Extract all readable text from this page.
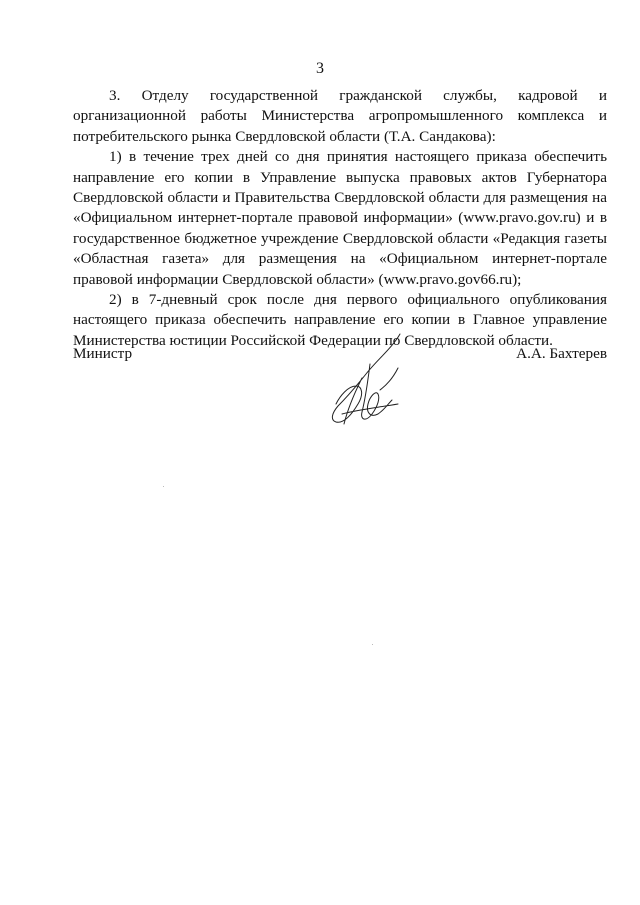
3

3. Отделу государственной гражданской службы, кадровой и организационной работы Министерства агропромышленного комплекса и потребительского рынка Свердловской области (Т.А. Сандакова):

1) в течение трех дней со дня принятия настоящего приказа обеспечить направление его копии в Управление выпуска правовых актов Губернатора Свердловской области и Правительства Свердловской области для размещения на «Официальном интернет-портале правовой информации» (www.pravo.gov.ru) и в государственное бюджетное учреждение Свердловской области «Редакция газеты «Областная газета» для размещения на «Официальном интернет-портале правовой информации Свердловской области» (www.pravo.gov66.ru);

2) в 7-дневный срок после дня первого официального опубликования настоящего приказа обеспечить направление его копии в Главное управление Министерства юстиции Российской Федерации по Свердловской области.

Министр	А.А. Бахтерев
